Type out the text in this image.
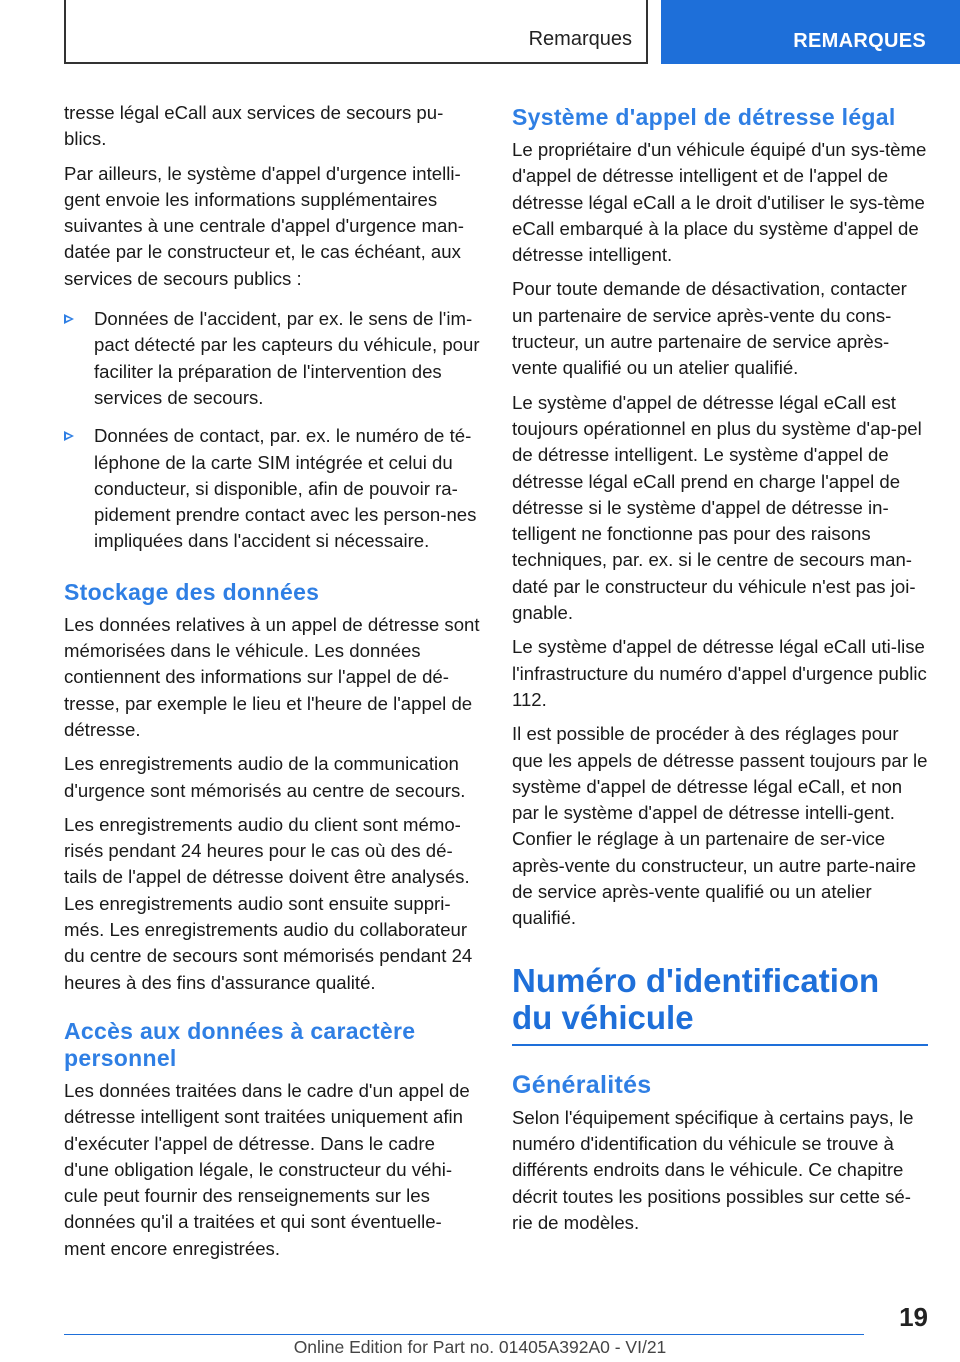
Remarques	REMARQUES

tresse légal eCall aux services de secours pu-blics.

Par ailleurs, le système d'appel d'urgence intelli-gent envoie les informations supplémentaires suivantes à une centrale d'appel d'urgence man-datée par le constructeur et, le cas échéant, aux services de secours publics :

Données de l'accident, par ex. le sens de l'im-pact détecté par les capteurs du véhicule, pour faciliter la préparation de l'intervention des services de secours.
Données de contact, par. ex. le numéro de té-léphone de la carte SIM intégrée et celui du conducteur, si disponible, afin de pouvoir ra-pidement prendre contact avec les person-nes impliquées dans l'accident si nécessaire.
Stockage des données

Les données relatives à un appel de détresse sont mémorisées dans le véhicule. Les données contiennent des informations sur l'appel de dé-tresse, par exemple le lieu et l'heure de l'appel de détresse.

Les enregistrements audio de la communication d'urgence sont mémorisés au centre de secours.

Les enregistrements audio du client sont mémo-risés pendant 24 heures pour le cas où des dé-tails de l'appel de détresse doivent être analysés. Les enregistrements audio sont ensuite suppri-més. Les enregistrements audio du collaborateur du centre de secours sont mémorisés pendant 24 heures à des fins d'assurance qualité.

Accès aux données à caractère personnel

Les données traitées dans le cadre d'un appel de détresse intelligent sont traitées uniquement afin d'exécuter l'appel de détresse. Dans le cadre d'une obligation légale, le constructeur du véhi-cule peut fournir des renseignements sur les données qu'il a traitées et qui sont éventuelle-ment encore enregistrées.

Système d'appel de détresse légal

Le propriétaire d'un véhicule équipé d'un sys-tème d'appel de détresse intelligent et de l'appel de détresse légal eCall a le droit d'utiliser le sys-tème eCall embarqué à la place du système d'appel de détresse intelligent.

Pour toute demande de désactivation, contacter un partenaire de service après-vente du cons-tructeur, un autre partenaire de service après-vente qualifié ou un atelier qualifié.

Le système d'appel de détresse légal eCall est toujours opérationnel en plus du système d'ap-pel de détresse intelligent. Le système d'appel de détresse légal eCall prend en charge l'appel de détresse si le système d'appel de détresse in-telligent ne fonctionne pas pour des raisons techniques, par. ex. si le centre de secours man-daté par le constructeur du véhicule n'est pas joi-gnable.

Le système d'appel de détresse légal eCall uti-lise l'infrastructure du numéro d'appel d'urgence public 112.

Il est possible de procéder à des réglages pour que les appels de détresse passent toujours par le système d'appel de détresse légal eCall, et non par le système d'appel de détresse intelli-gent. Confier le réglage à un partenaire de ser-vice après-vente du constructeur, un autre parte-naire de service après-vente qualifié ou un atelier qualifié.

Numéro d'identification du véhicule
Généralités

Selon l'équipement spécifique à certains pays, le numéro d'identification du véhicule se trouve à différents endroits dans le véhicule. Ce chapitre décrit toutes les positions possibles sur cette sé-rie de modèles.

19
Online Edition for Part no. 01405A392A0 - VI/21
